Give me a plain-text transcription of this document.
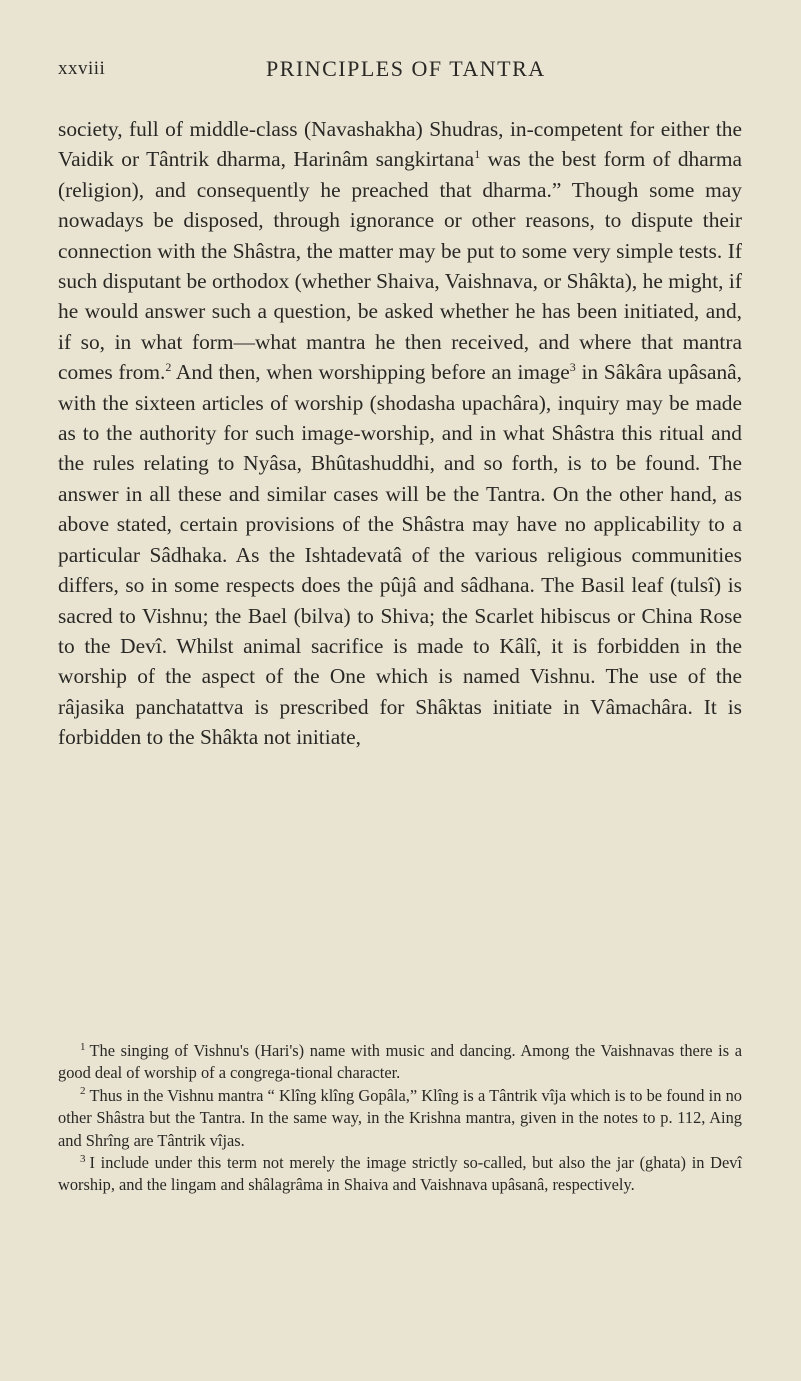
xxviii	PRINCIPLES OF TANTRA

society, full of middle-class (Navashakha) Shudras, in-competent for either the Vaidik or Tântrik dharma, Harinâm sangkirtana$^1$ was the best form of dharma (religion), and consequently he preached that dharma.” Though some may nowadays be disposed, through ignorance or other reasons, to dispute their connection with the Shâstra, the matter may be put to some very simple tests. If such disputant be orthodox (whether Shaiva, Vaishnava, or Shâkta), he might, if he would answer such a question, be asked whether he has been initiated, and, if so, in what form—what mantra he then received, and where that mantra comes from.$^2$ And then, when worshipping before an image$^3$ in Sâkâra upâsanâ, with the sixteen articles of worship (shodasha upachâra), inquiry may be made as to the authority for such image-worship, and in what Shâstra this ritual and the rules relating to Nyâsa, Bhûtashuddhi, and so forth, is to be found. The answer in all these and similar cases will be the Tantra. On the other hand, as above stated, certain provisions of the Shâstra may have no applicability to a particular Sâdhaka. As the Ishtadevatâ of the various religious communities differs, so in some respects does the pûjâ and sâdhana. The Basil leaf (tulsî) is sacred to Vishnu; the Bael (bilva) to Shiva; the Scarlet hibiscus or China Rose to the Devî. Whilst animal sacrifice is made to Kâlî, it is forbidden in the worship of the aspect of the One which is named Vishnu. The use of the râjasika panchatattva is prescribed for Shâktas initiate in Vâmachâra. It is forbidden to the Shâkta not initiate,

$^1$ The singing of Vishnu's (Hari's) name with music and dancing. Among the Vaishnavas there is a good deal of worship of a congrega-tional character.

$^2$ Thus in the Vishnu mantra “ Klîng klîng Gopâla,” Klîng is a Tântrik vîja which is to be found in no other Shâstra but the Tantra. In the same way, in the Krishna mantra, given in the notes to p. 112, Aing and Shrîng are Tântrik vîjas.

$^3$ I include under this term not merely the image strictly so-called, but also the jar (ghata) in Devî worship, and the lingam and shâlagrâma in Shaiva and Vaishnava upâsanâ, respectively.
